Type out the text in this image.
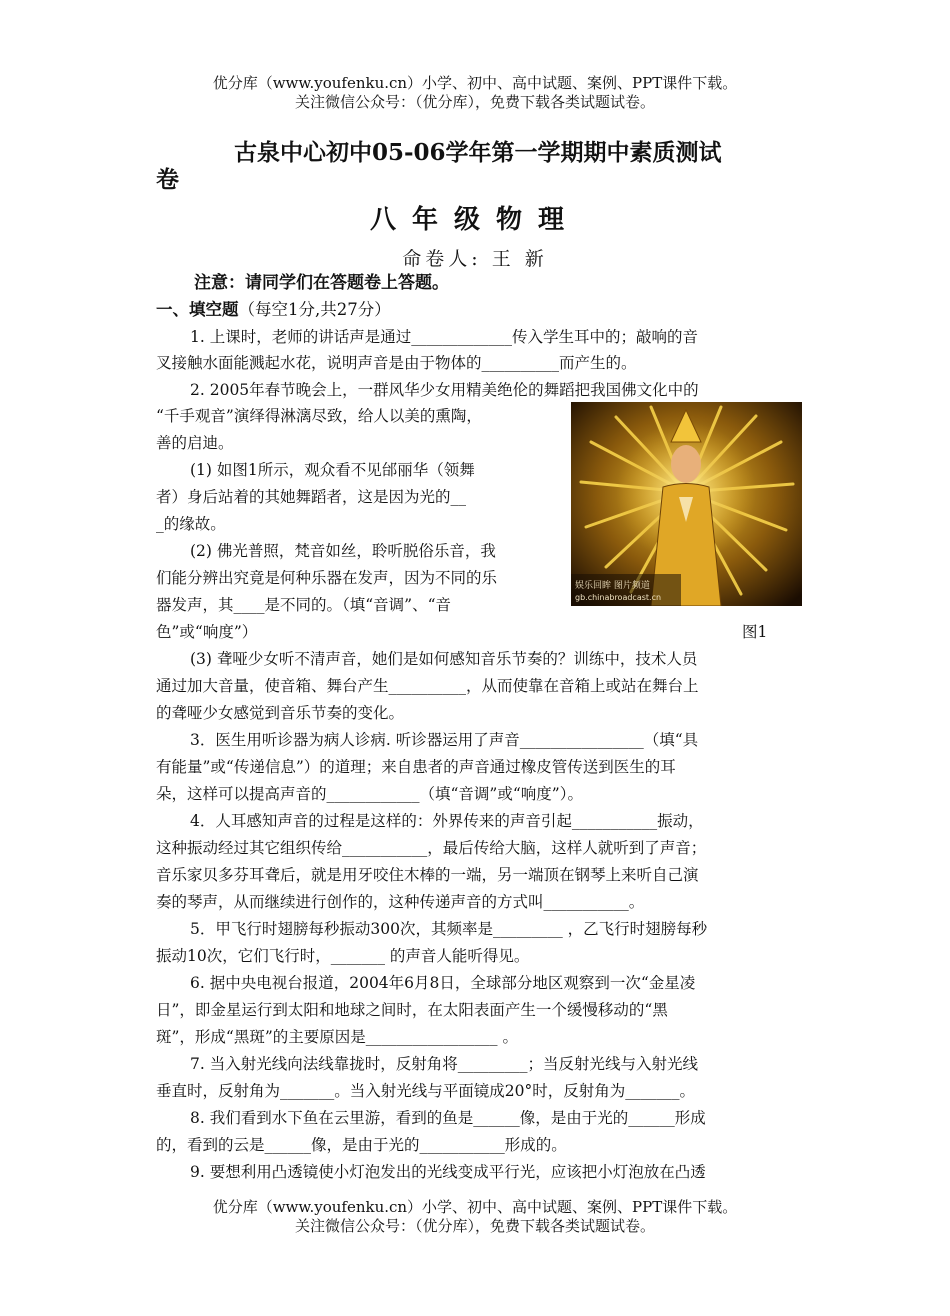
优分库（www.youfenku.cn）小学、初中、高中试题、案例、PPT课件下载。
关注微信公众号：（优分库），免费下载各类试题试卷。
古泉中心初中05-06学年第一学期期中素质测试
卷
八年级物理
命卷人: 王 新
注意：请同学们在答题卷上答题。
一、填空题（每空1分,共27分）
1. 上课时，老师的讲话声是通过_____________传入学生耳中的；敲响的音
叉接触水面能溅起水花，说明声音是由于物体的__________而产生的。
2. 2005年春节晚会上，一群风华少女用精美绝伦的舞蹈把我国佛文化中的
“千手观音”演绎得淋漓尽致，给人以美的熏陶，
善的启迪。
(1) 如图1所示，观众看不见邰丽华（领舞
者）身后站着的其她舞蹈者，这是因为光的__
_的缘故。
(2) 佛光普照，梵音如丝，聆听脱俗乐音，我
们能分辨出究竟是何种乐器在发声，因为不同的乐
器发声，其____是不同的。（填“音调”、“音
色”或“响度”）
娱乐回眸 图片频道
gb.chinabroadcast.cn
图1
(3) 聋哑少女听不清声音，她们是如何感知音乐节奏的？训练中，技术人员
通过加大音量，使音箱、舞台产生__________，从而使靠在音箱上或站在舞台上
的聋哑少女感觉到音乐节奏的变化。
3．医生用听诊器为病人诊病. 听诊器运用了声音________________（填“具
有能量”或“传递信息”）的道理；来自患者的声音通过橡皮管传送到医生的耳
朵，这样可以提高声音的____________（填“音调”或“响度”）。
4．人耳感知声音的过程是这样的：外界传来的声音引起___________振动，
这种振动经过其它组织传给___________，最后传给大脑，这样人就听到了声音；
音乐家贝多芬耳聋后，就是用牙咬住木棒的一端，另一端顶在钢琴上来听自己演
奏的琴声，从而继续进行创作的，这种传递声音的方式叫___________。
5．甲飞行时翅膀每秒振动300次，其频率是_________ ，乙飞行时翅膀每秒
振动10次，它们飞行时，_______ 的声音人能听得见。
6. 据中央电视台报道，2004年6月8日，全球部分地区观察到一次“金星凌
日”，即金星运行到太阳和地球之间时，在太阳表面产生一个缓慢移动的“黑
斑”，形成“黑斑”的主要原因是_________________ 。
7. 当入射光线向法线靠拢时，反射角将_________；当反射光线与入射光线
垂直时，反射角为_______。当入射光线与平面镜成20°时，反射角为_______。
8. 我们看到水下鱼在云里游，看到的鱼是______像，是由于光的______形成
的，看到的云是______像，是由于光的___________形成的。
9. 要想利用凸透镜使小灯泡发出的光线变成平行光，应该把小灯泡放在凸透
优分库（www.youfenku.cn）小学、初中、高中试题、案例、PPT课件下载。
关注微信公众号：（优分库），免费下载各类试题试卷。
